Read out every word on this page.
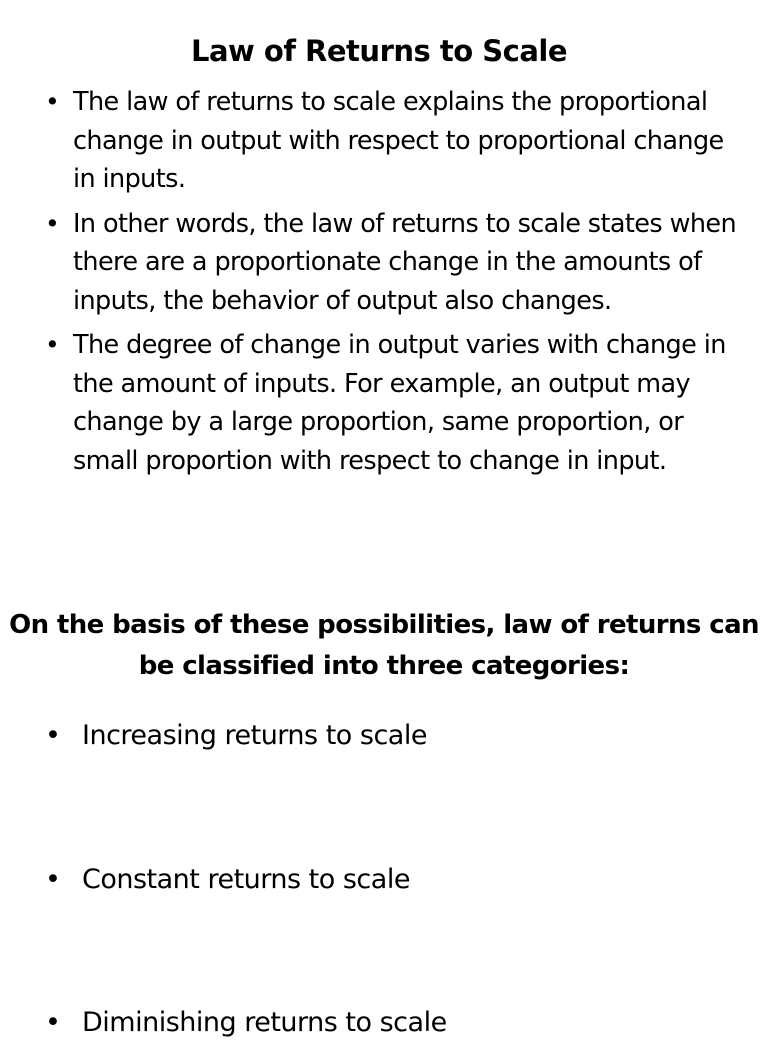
Law of Returns to Scale
• The law of returns to scale explains the proportional change in output with respect to proportional change in inputs.
• In other words, the law of returns to scale states when there are a proportionate change in the amounts of inputs, the behavior of output also changes.
• The degree of change in output varies with change in the amount of inputs. For example, an output may change by a large proportion, same proportion, or small proportion with respect to change in input.
On the basis of these possibilities, law of returns can be classified into three categories:
• Increasing returns to scale
• Constant returns to scale
• Diminishing returns to scale
